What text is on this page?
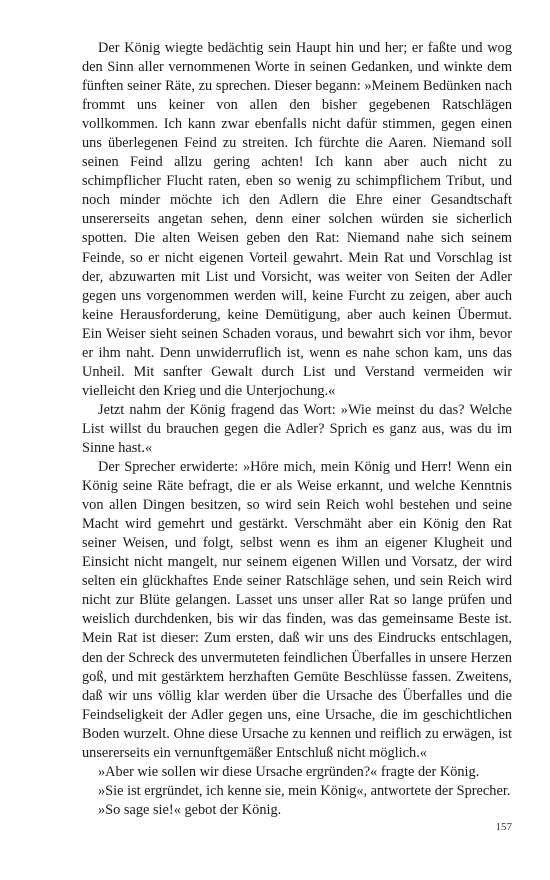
Der König wiegte bedächtig sein Haupt hin und her; er faßte und wog den Sinn aller vernommenen Worte in seinen Gedanken, und winkte dem fünften seiner Räte, zu sprechen. Dieser begann: »Meinem Bedünken nach frommt uns keiner von allen den bisher gegebenen Ratschlägen vollkommen. Ich kann zwar ebenfalls nicht dafür stimmen, gegen einen uns überlegenen Feind zu streiten. Ich fürchte die Aaren. Niemand soll seinen Feind allzu gering achten! Ich kann aber auch nicht zu schimpflicher Flucht raten, eben so wenig zu schimpflichem Tribut, und noch minder möchte ich den Adlern die Ehre einer Gesandtschaft unsererseits angetan sehen, denn einer solchen würden sie sicherlich spotten. Die alten Weisen geben den Rat: Niemand nahe sich seinem Feinde, so er nicht eigenen Vorteil gewahrt. Mein Rat und Vorschlag ist der, abzuwarten mit List und Vorsicht, was weiter von Seiten der Adler gegen uns vorgenommen werden will, keine Furcht zu zeigen, aber auch keine Herausforderung, keine Demütigung, aber auch keinen Übermut. Ein Weiser sieht seinen Schaden voraus, und bewahrt sich vor ihm, bevor er ihm naht. Denn unwiderruflich ist, wenn es nahe schon kam, uns das Unheil. Mit sanfter Gewalt durch List und Verstand vermeiden wir vielleicht den Krieg und die Unterjochung.«

Jetzt nahm der König fragend das Wort: »Wie meinst du das? Welche List willst du brauchen gegen die Adler? Sprich es ganz aus, was du im Sinne hast.«

Der Sprecher erwiderte: »Höre mich, mein König und Herr! Wenn ein König seine Räte befragt, die er als Weise erkannt, und welche Kenntnis von allen Dingen besitzen, so wird sein Reich wohl bestehen und seine Macht wird gemehrt und gestärkt. Verschmäht aber ein König den Rat seiner Weisen, und folgt, selbst wenn es ihm an eigener Klugheit und Einsicht nicht mangelt, nur seinem eigenen Willen und Vorsatz, der wird selten ein glückhaftes Ende seiner Ratschläge sehen, und sein Reich wird nicht zur Blüte gelangen. Lasset uns unser aller Rat so lange prüfen und weislich durchdenken, bis wir das finden, was das gemeinsame Beste ist. Mein Rat ist dieser: Zum ersten, daß wir uns des Eindrucks entschlagen, den der Schreck des unvermuteten feindlichen Überfalles in unsere Herzen goß, und mit gestärktem herzhaften Gemüte Beschlüsse fassen. Zweitens, daß wir uns völlig klar werden über die Ursache des Überfalles und die Feindseligkeit der Adler gegen uns, eine Ursache, die im geschichtlichen Boden wurzelt. Ohne diese Ursache zu kennen und reiflich zu erwägen, ist unsererseits ein vernunftgemäßer Entschluß nicht möglich.«

»Aber wie sollen wir diese Ursache ergründen?« fragte der König.

»Sie ist ergründet, ich kenne sie, mein König«, antwortete der Sprecher.

»So sage sie!« gebot der König.

157
